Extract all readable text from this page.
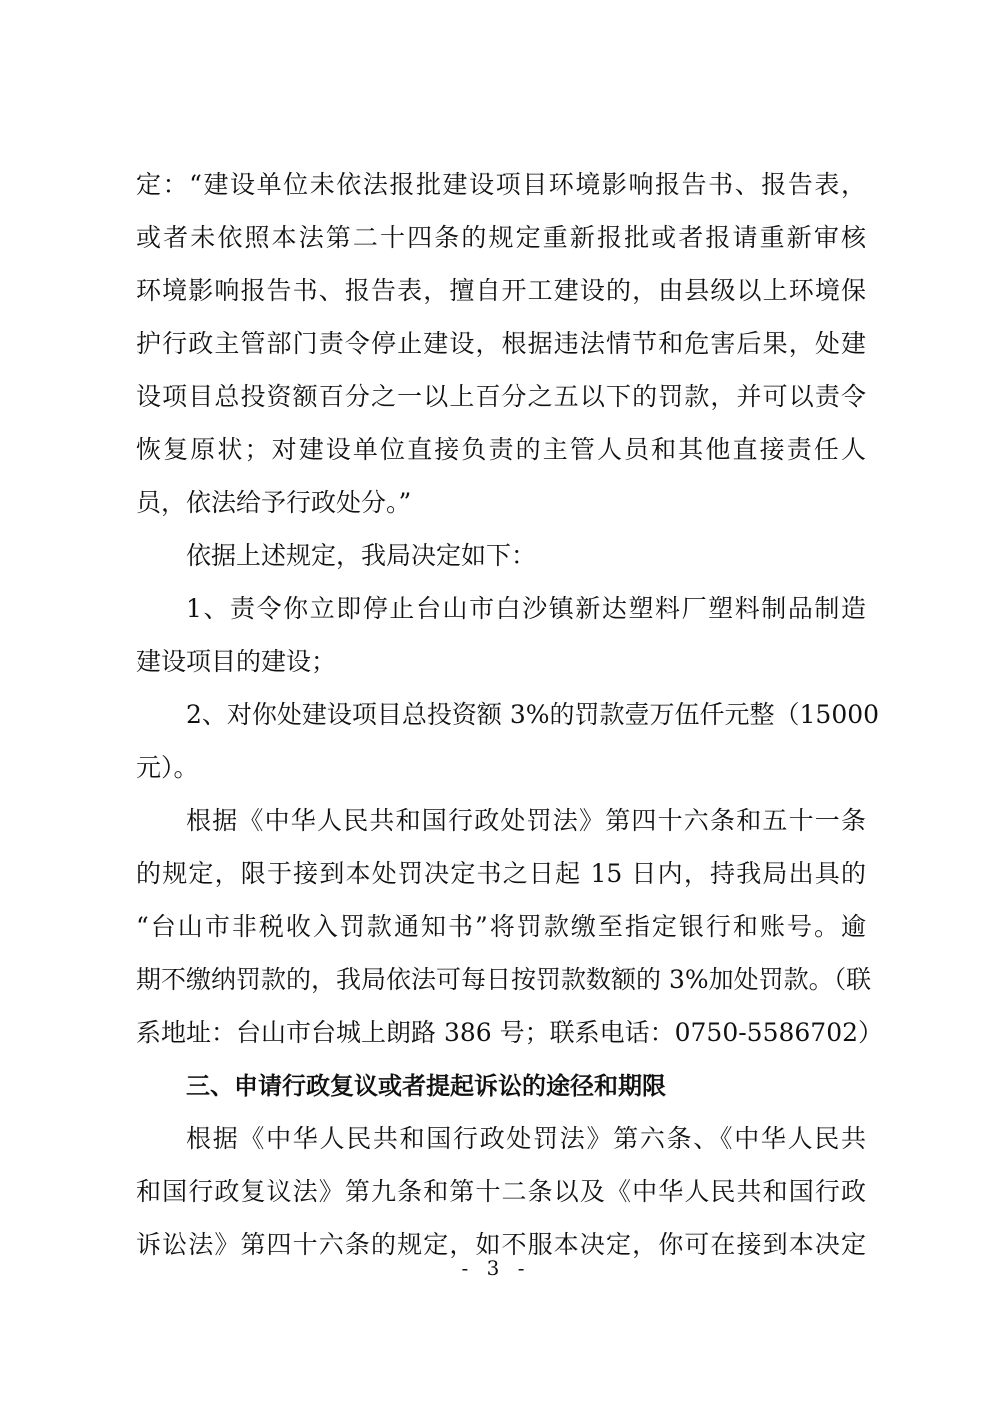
定：“建设单位未依法报批建设项目环境影响报告书、报告表，
或者未依照本法第二十四条的规定重新报批或者报请重新审核
环境影响报告书、报告表，擅自开工建设的，由县级以上环境保
护行政主管部门责令停止建设，根据违法情节和危害后果，处建
设项目总投资额百分之一以上百分之五以下的罚款，并可以责令
恢复原状；对建设单位直接负责的主管人员和其他直接责任人
员，依法给予行政处分。”
依据上述规定，我局决定如下：
1、责令你立即停止台山市白沙镇新达塑料厂塑料制品制造
建设项目的建设；
2、对你处建设项目总投资额 3%的罚款壹万伍仟元整（15000
元）。
根据《中华人民共和国行政处罚法》第四十六条和五十一条
的规定，限于接到本处罚决定书之日起 15 日内，持我局出具的
“台山市非税收入罚款通知书”将罚款缴至指定银行和账号。逾
期不缴纳罚款的，我局依法可每日按罚款数额的 3%加处罚款。（联
系地址：台山市台城上朗路 386 号；联系电话：0750-5586702）
三、申请行政复议或者提起诉讼的途径和期限
根据《中华人民共和国行政处罚法》第六条、《中华人民共
和国行政复议法》第九条和第十二条以及《中华人民共和国行政
诉讼法》第四十六条的规定，如不服本决定，你可在接到本决定
- 3 -
